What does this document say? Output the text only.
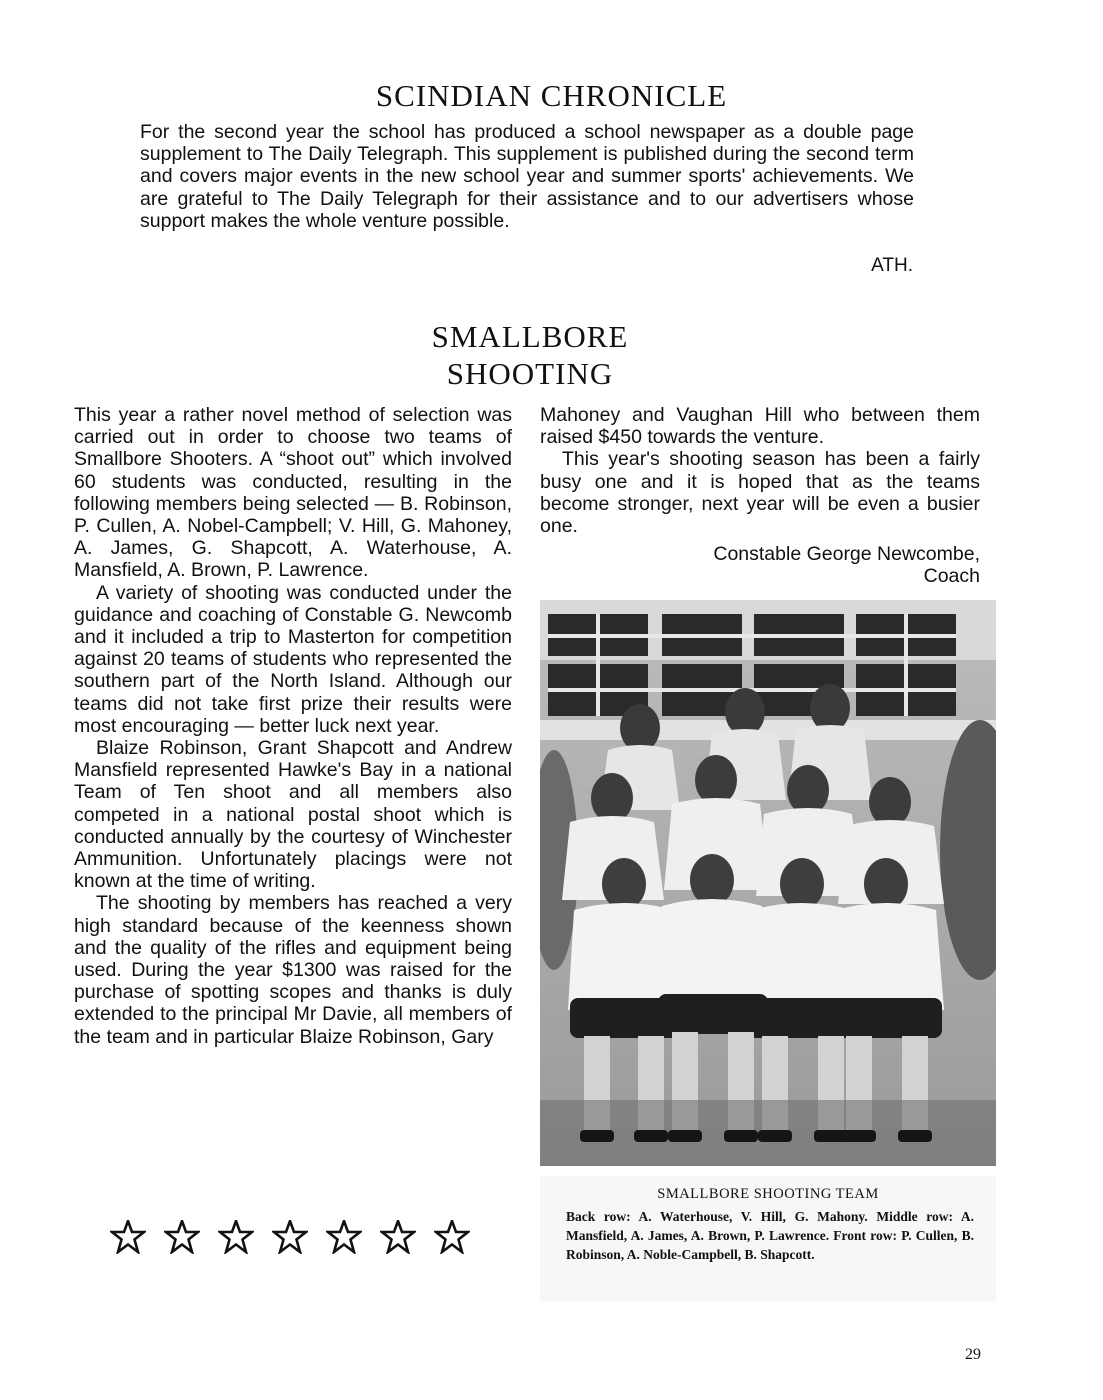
SCINDIAN CHRONICLE

For the second year the school has produced a school newspaper as a double page supplement to The Daily Telegraph. This supplement is published during the second term and covers major events in the new school year and summer sports' achievements. We are grateful to The Daily Telegraph for their assistance and to our advertisers whose support makes the whole venture possible.

ATH.
SMALLBORE
SHOOTING

This year a rather novel method of selection was carried out in order to choose two teams of Smallbore Shooters. A “shoot out” which involved 60 students was conducted, resulting in the following members being selected — B. Robinson, P. Cullen, A. Nobel-Campbell; V. Hill, G. Mahoney, A. James, G. Shapcott, A. Waterhouse, A. Mansfield, A. Brown, P. Lawrence.

A variety of shooting was conducted under the guidance and coaching of Constable G. Newcomb and it included a trip to Masterton for competition against 20 teams of students who represented the southern part of the North Island. Although our teams did not take first prize their results were most encouraging — better luck next year.

Blaize Robinson, Grant Shapcott and Andrew Mansfield represented Hawke's Bay in a national Team of Ten shoot and all members also competed in a national postal shoot which is conducted annually by the courtesy of Winchester Ammunition. Unfortunately placings were not known at the time of writing.

The shooting by members has reached a very high standard because of the keenness shown and the quality of the rifles and equipment being used. During the year $1300 was raised for the purchase of spotting scopes and thanks is duly extended to the principal Mr Davie, all members of the team and in particular Blaize Robinson, Gary

Mahoney and Vaughan Hill who between them raised $450 towards the venture.

This year's shooting season has been a fairly busy one and it is hoped that as the teams become stronger, next year will be even a busier one.

Constable George Newcombe,
Coach
SMALLBORE SHOOTING TEAM
Back row: A. Waterhouse, V. Hill, G. Mahony. Middle row: A. Mansfield, A. James, A. Brown, P. Lawrence. Front row: P. Cullen, B. Robinson, A. Noble-Campbell, B. Shapcott.
29
